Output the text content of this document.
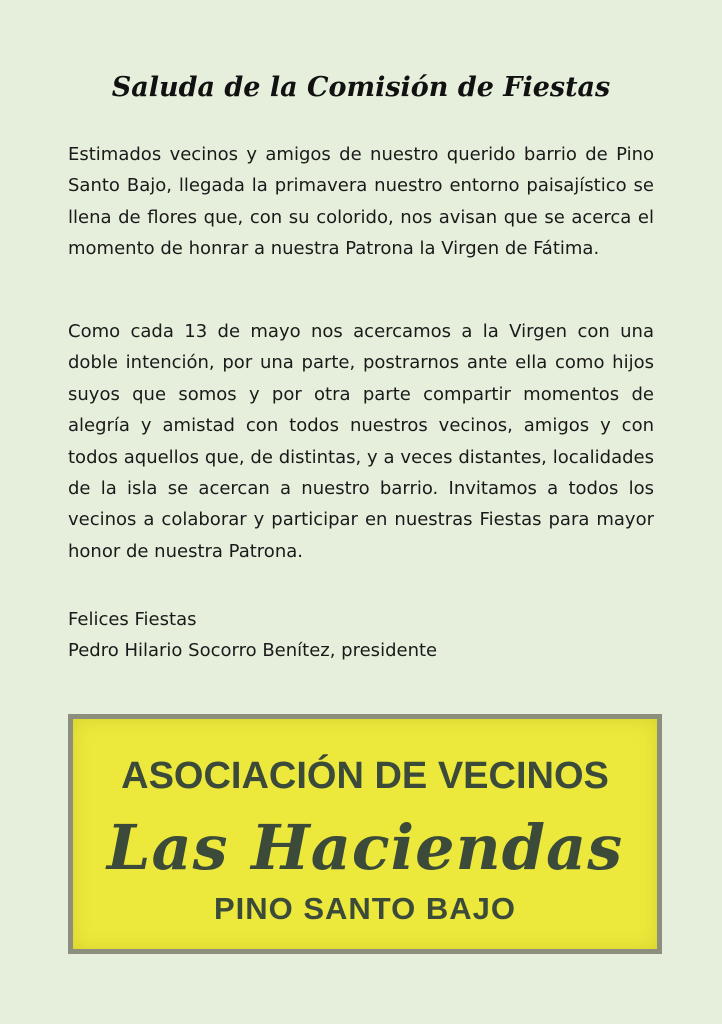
Saluda de la Comisión de Fiestas

Estimados vecinos y amigos de nuestro querido barrio de Pino Santo Bajo, llegada la primavera nuestro entorno paisajístico se llena de flores que, con su colorido, nos avisan que se acerca el momento de honrar a nuestra Patrona la Virgen de Fátima.

Como cada 13 de mayo nos acercamos a la Virgen con una doble intención, por una parte, postrarnos ante ella como hijos suyos que somos y por otra parte compartir momentos de alegría y amistad con todos nuestros vecinos, amigos y con todos aquellos que, de distintas, y a veces distantes, localidades de la isla se acercan a nuestro barrio. Invitamos a todos los vecinos a colaborar y participar en nuestras Fiestas para mayor honor de nuestra Patrona.

Felices Fiestas
Pedro Hilario Socorro Benítez, presidente
ASOCIACIÓN DE VECINOS
Las Haciendas
PINO SANTO BAJO
